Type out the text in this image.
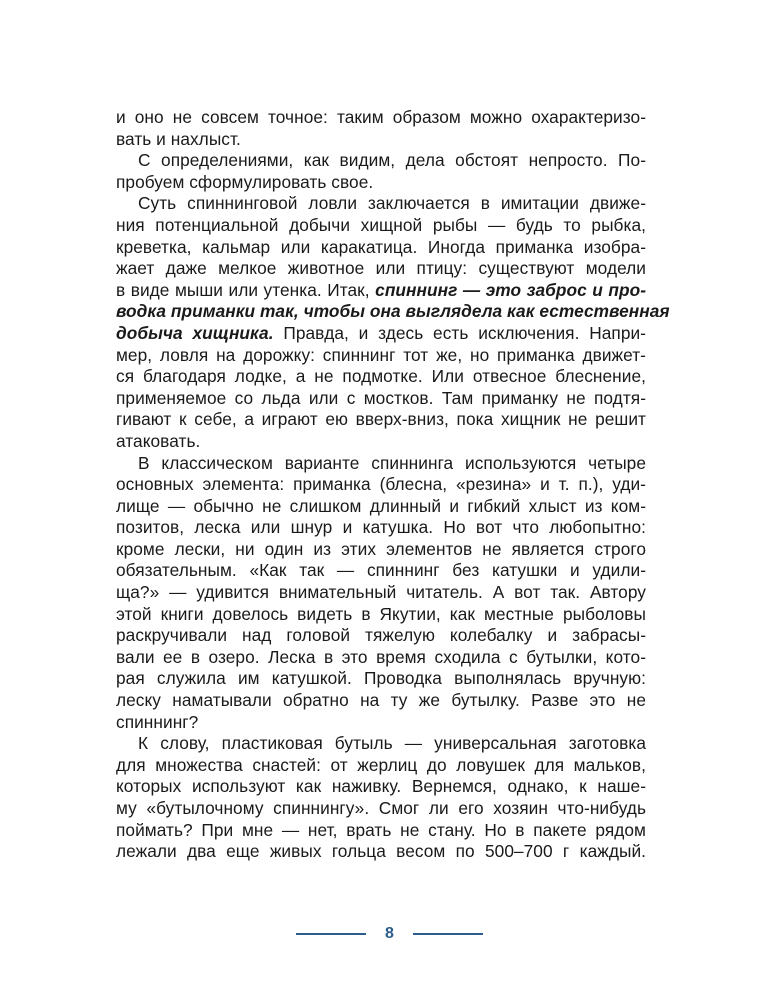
и оно не совсем точное: таким образом можно охарактеризо-
вать и нахлыст.
С определениями, как видим, дела обстоят непросто. По-
пробуем сформулировать свое.
Суть спиннинговой ловли заключается в имитации движе-
ния потенциальной добычи хищной рыбы — будь то рыбка,
креветка, кальмар или каракатица. Иногда приманка изобра-
жает даже мелкое животное или птицу: существуют модели
в виде мыши или утенка. Итак, спиннинг — это заброс и про-
водка приманки так, чтобы она выглядела как естественная
добыча хищника. Правда, и здесь есть исключения. Напри-
мер, ловля на дорожку: спиннинг тот же, но приманка движет-
ся благодаря лодке, а не подмотке. Или отвесное блеснение,
применяемое со льда или с мостков. Там приманку не подтя-
гивают к себе, а играют ею вверх-вниз, пока хищник не решит
атаковать.
В классическом варианте спиннинга используются четыре
основных элемента: приманка (блесна, «резина» и т. п.), уди-
лище — обычно не слишком длинный и гибкий хлыст из ком-
позитов, леска или шнур и катушка. Но вот что любопытно:
кроме лески, ни один из этих элементов не является строго
обязательным. «Как так — спиннинг без катушки и удили-
ща?» — удивится внимательный читатель. А вот так. Автору
этой книги довелось видеть в Якутии, как местные рыболовы
раскручивали над головой тяжелую колебалку и забрасы-
вали ее в озеро. Леска в это время сходила с бутылки, кото-
рая служила им катушкой. Проводка выполнялась вручную:
леску наматывали обратно на ту же бутылку. Разве это не
спиннинг?
К слову, пластиковая бутыль — универсальная заготовка
для множества снастей: от жерлиц до ловушек для мальков,
которых используют как наживку. Вернемся, однако, к наше-
му «бутылочному спиннингу». Смог ли его хозяин что-нибудь
поймать? При мне — нет, врать не стану. Но в пакете рядом
лежали два еще живых гольца весом по 500–700 г каждый.
8
